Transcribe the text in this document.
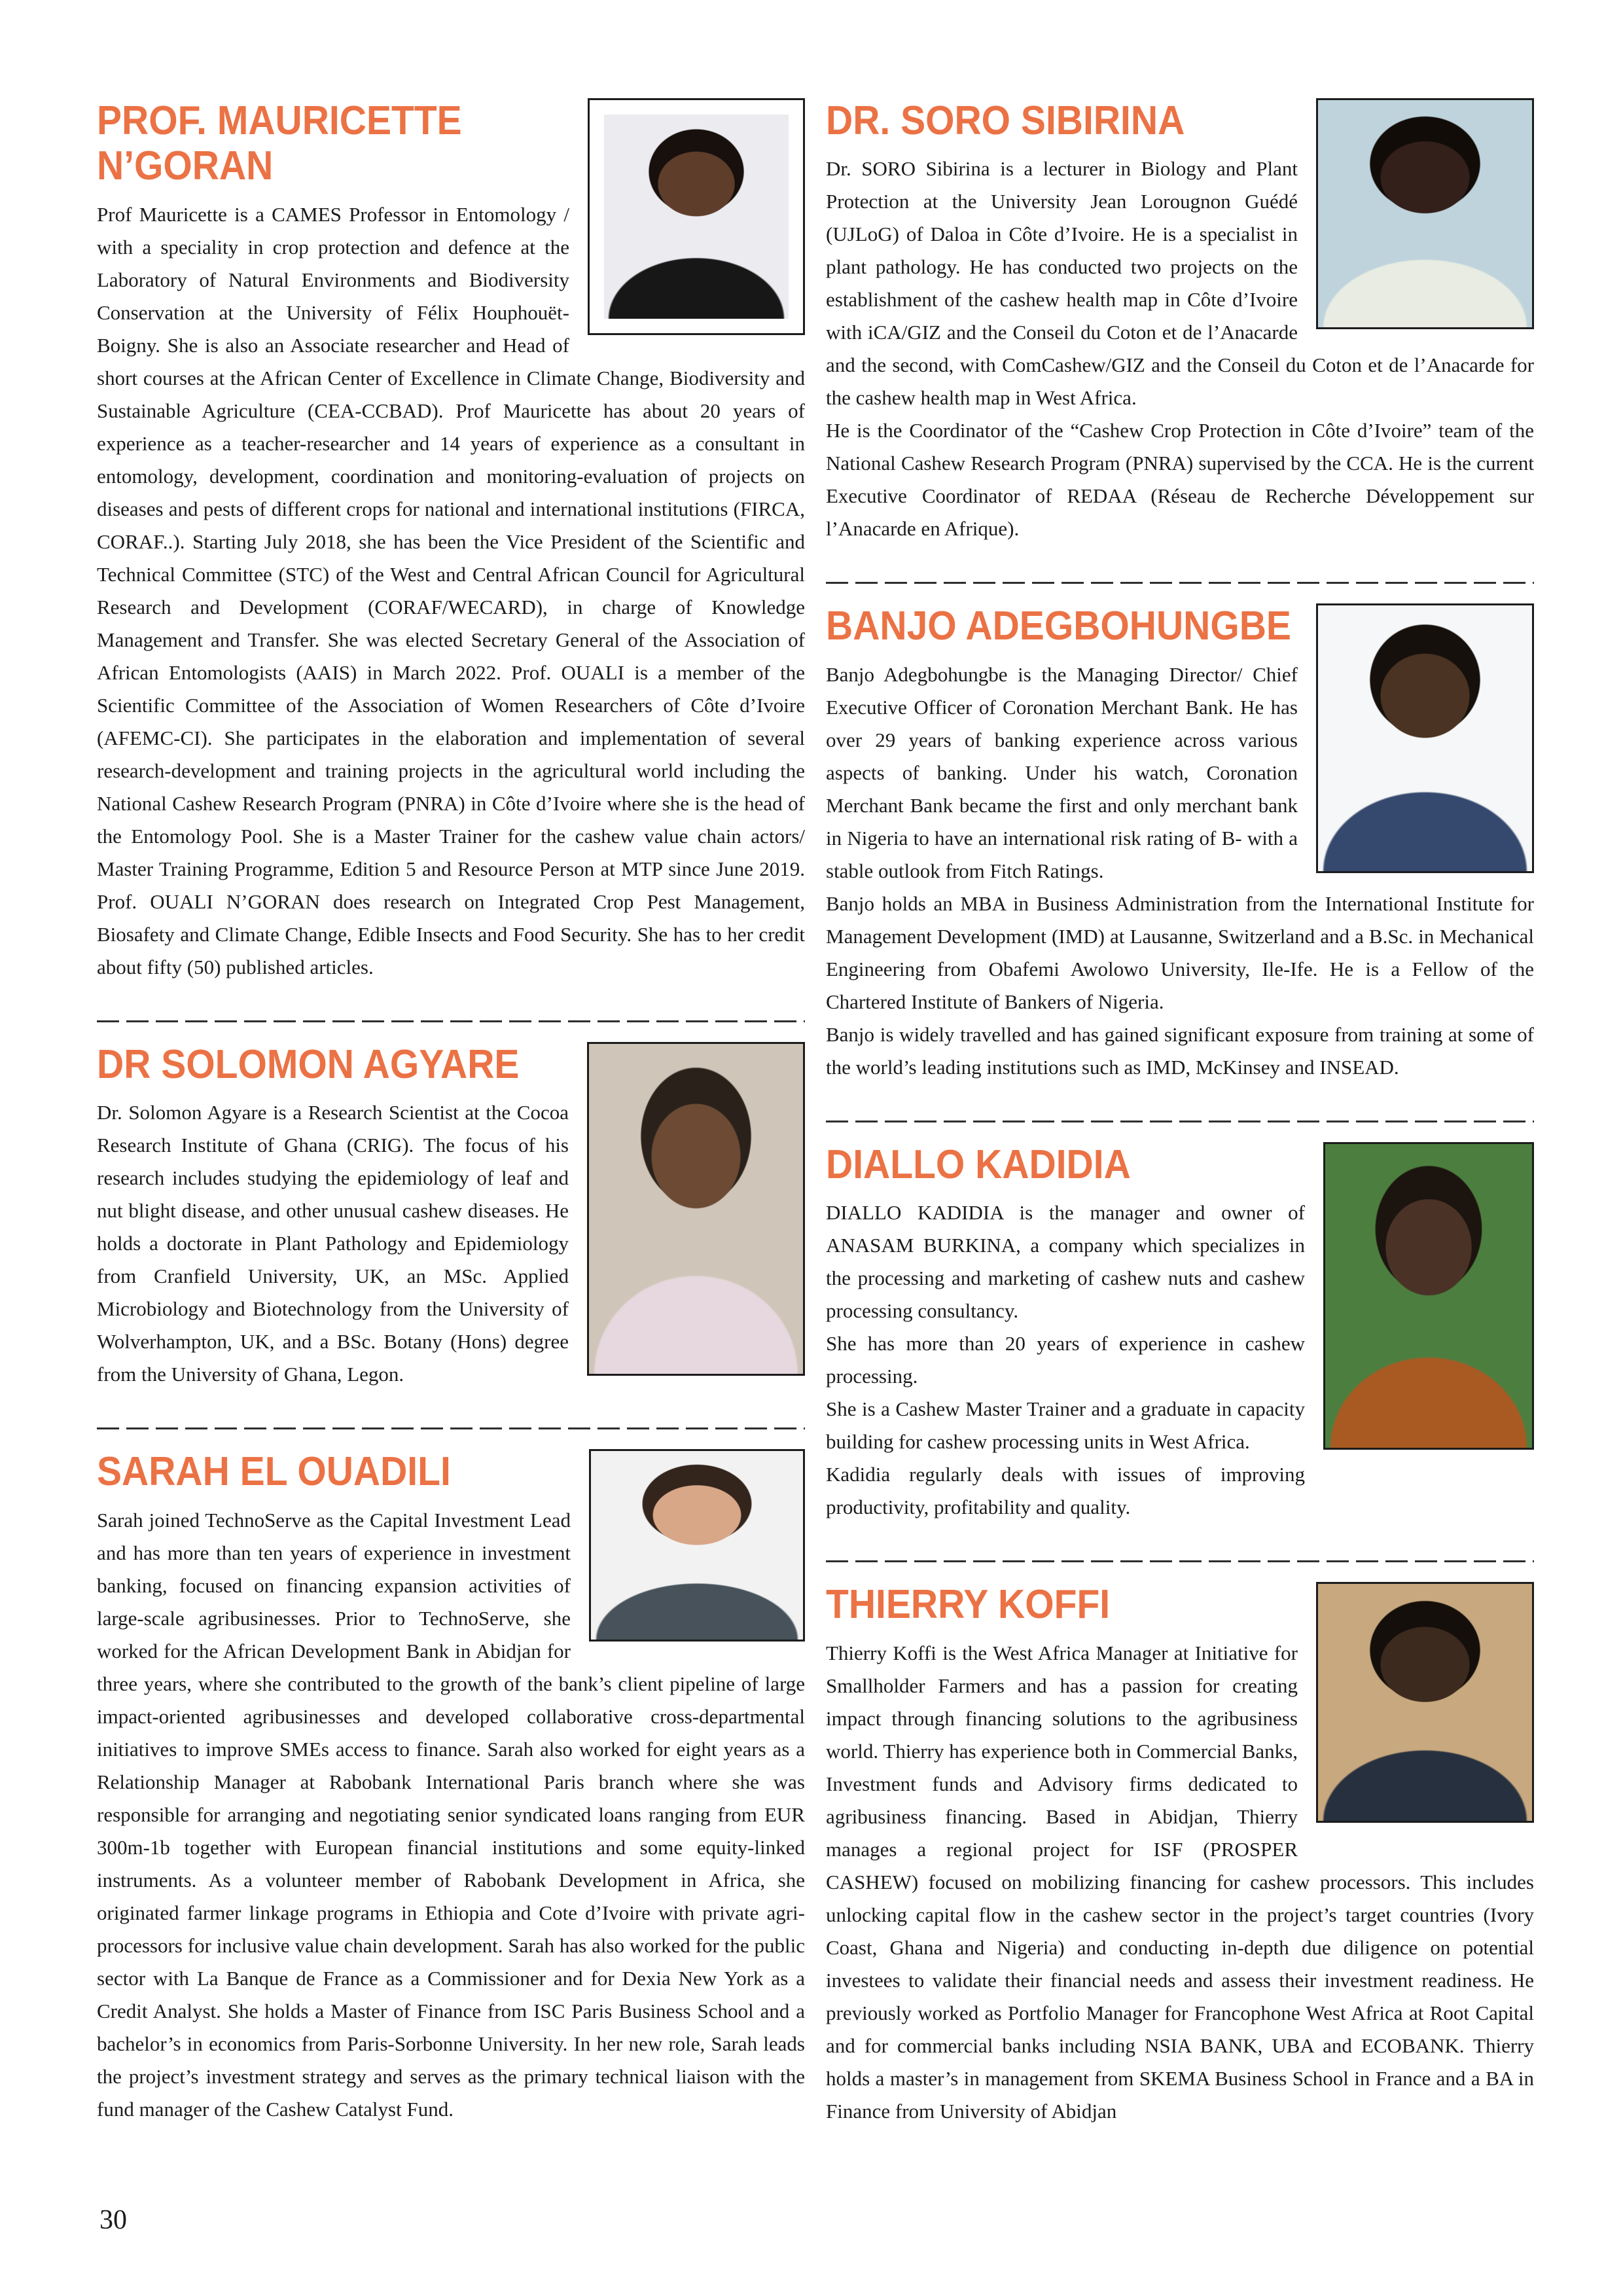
PROF. MAURICETTE
N’GORAN

Prof Mauricette is a CAMES Professor in Entomology / with a speciality in crop protection and defence at the Laboratory of Natural Environments and Biodiversity Conservation at the University of Félix Houphouët-Boigny. She is also an Associate researcher and Head of short courses at the African Center of Excellence in Climate Change, Biodiversity and Sustainable Agriculture (CEA-CCBAD). Prof Mauricette has about 20 years of experience as a teacher-researcher and 14 years of experience as a consultant in entomology, development, coordination and monitoring-evaluation of projects on diseases and pests of different crops for national and international institutions (FIRCA, CORAF..). Starting July 2018, she has been the Vice President of the Scientific and Technical Committee (STC) of the West and Central African Council for Agricultural Research and Development (CORAF/WECARD), in charge of Knowledge Management and Transfer. She was elected Secretary General of the Association of African Entomologists (AAIS) in March 2022. Prof. OUALI is a member of the Scientific Committee of the Association of Women Researchers of Côte d’Ivoire (AFEMC-CI). She participates in the elaboration and implementation of several research-development and training projects in the agricultural world including the National Cashew Research Program (PNRA) in Côte d’Ivoire where she is the head of the Entomology Pool. She is a Master Trainer for the cashew value chain actors/ Master Training Programme, Edition 5 and Resource Person at MTP since June 2019. Prof. OUALI N’GORAN does research on Integrated Crop Pest Management, Biosafety and Climate Change, Edible Insects and Food Security. She has to her credit about fifty (50) published articles.

DR SOLOMON AGYARE

Dr. Solomon Agyare is a Research Scientist at the Cocoa Research Institute of Ghana (CRIG). The focus of his research includes studying the epidemiology of leaf and nut blight disease, and other unusual cashew diseases. He holds a doctorate in Plant Pathology and Epidemiology from Cranfield University, UK, an MSc. Applied Microbiology and Biotechnology from the University of Wolverhampton, UK, and a BSc. Botany (Hons) degree from the University of Ghana, Legon.

SARAH EL OUADILI

Sarah joined TechnoServe as the Capital Investment Lead and has more than ten years of experience in investment banking, focused on financing expansion activities of large-scale agribusinesses. Prior to TechnoServe, she worked for the African Development Bank in Abidjan for three years, where she contributed to the growth of the bank’s client pipeline of large impact-oriented agribusinesses and developed collaborative cross-departmental initiatives to improve SMEs access to finance. Sarah also worked for eight years as a Relationship Manager at Rabobank International Paris branch where she was responsible for arranging and negotiating senior syndicated loans ranging from EUR 300m-1b together with European financial institutions and some equity-linked instruments. As a volunteer member of Rabobank Development in Africa, she originated farmer linkage programs in Ethiopia and Cote d’Ivoire with private agri-processors for inclusive value chain development. Sarah has also worked for the public sector with La Banque de France as a Commissioner and for Dexia New York as a Credit Analyst. She holds a Master of Finance from ISC Paris Business School and a bachelor’s in economics from Paris-Sorbonne University. In her new role, Sarah leads the project’s investment strategy and serves as the primary technical liaison with the fund manager of the Cashew Catalyst Fund.

DR. SORO SIBIRINA

Dr. SORO Sibirina is a lecturer in Biology and Plant Protection at the University Jean Lorougnon Guédé (UJLoG) of Daloa in Côte d’Ivoire. He is a specialist in plant pathology. He has conducted two projects on the establishment of the cashew health map in Côte d’Ivoire with iCA/GIZ and the Conseil du Coton et de l’Anacarde and the second, with ComCashew/GIZ and the Conseil du Coton et de l’Anacarde for the cashew health map in West Africa.

He is the Coordinator of the “Cashew Crop Protection in Côte d’Ivoire” team of the National Cashew Research Program (PNRA) supervised by the CCA. He is the current Executive Coordinator of REDAA (Réseau de Recherche Développement sur l’Anacarde en Afrique).

BANJO ADEGBOHUNGBE

Banjo Adegbohungbe is the Managing Director/ Chief Executive Officer of Coronation Merchant Bank. He has over 29 years of banking experience across various aspects of banking. Under his watch, Coronation Merchant Bank became the first and only merchant bank in Nigeria to have an international risk rating of B- with a stable outlook from Fitch Ratings.

Banjo holds an MBA in Business Administration from the International Institute for Management Development (IMD) at Lausanne, Switzerland and a B.Sc. in Mechanical Engineering from Obafemi Awolowo University, Ile-Ife. He is a Fellow of the Chartered Institute of Bankers of Nigeria.

Banjo is widely travelled and has gained significant exposure from training at some of the world’s leading institutions such as IMD, McKinsey and INSEAD.

DIALLO KADIDIA

DIALLO KADIDIA is the manager and owner of ANASAM BURKINA, a company which specializes in the processing and marketing of cashew nuts and cashew processing consultancy.

She has more than 20 years of experience in cashew processing.

She is a Cashew Master Trainer and a graduate in capacity building for cashew processing units in West Africa.

Kadidia regularly deals with issues of improving productivity, profitability and quality.

THIERRY KOFFI

Thierry Koffi is the West Africa Manager at Initiative for Smallholder Farmers and has a passion for creating impact through financing solutions to the agribusiness world. Thierry has experience both in Commercial Banks, Investment funds and Advisory firms dedicated to agribusiness financing. Based in Abidjan, Thierry manages a regional project for ISF (PROSPER CASHEW) focused on mobilizing financing for cashew processors. This includes unlocking capital flow in the cashew sector in the project’s target countries (Ivory Coast, Ghana and Nigeria) and conducting in-depth due diligence on potential investees to validate their financial needs and assess their investment readiness. He previously worked as Portfolio Manager for Francophone West Africa at Root Capital and for commercial banks including NSIA BANK, UBA and ECOBANK. Thierry holds a master’s in management from SKEMA Business School in France and a BA in Finance from University of Abidjan

30
